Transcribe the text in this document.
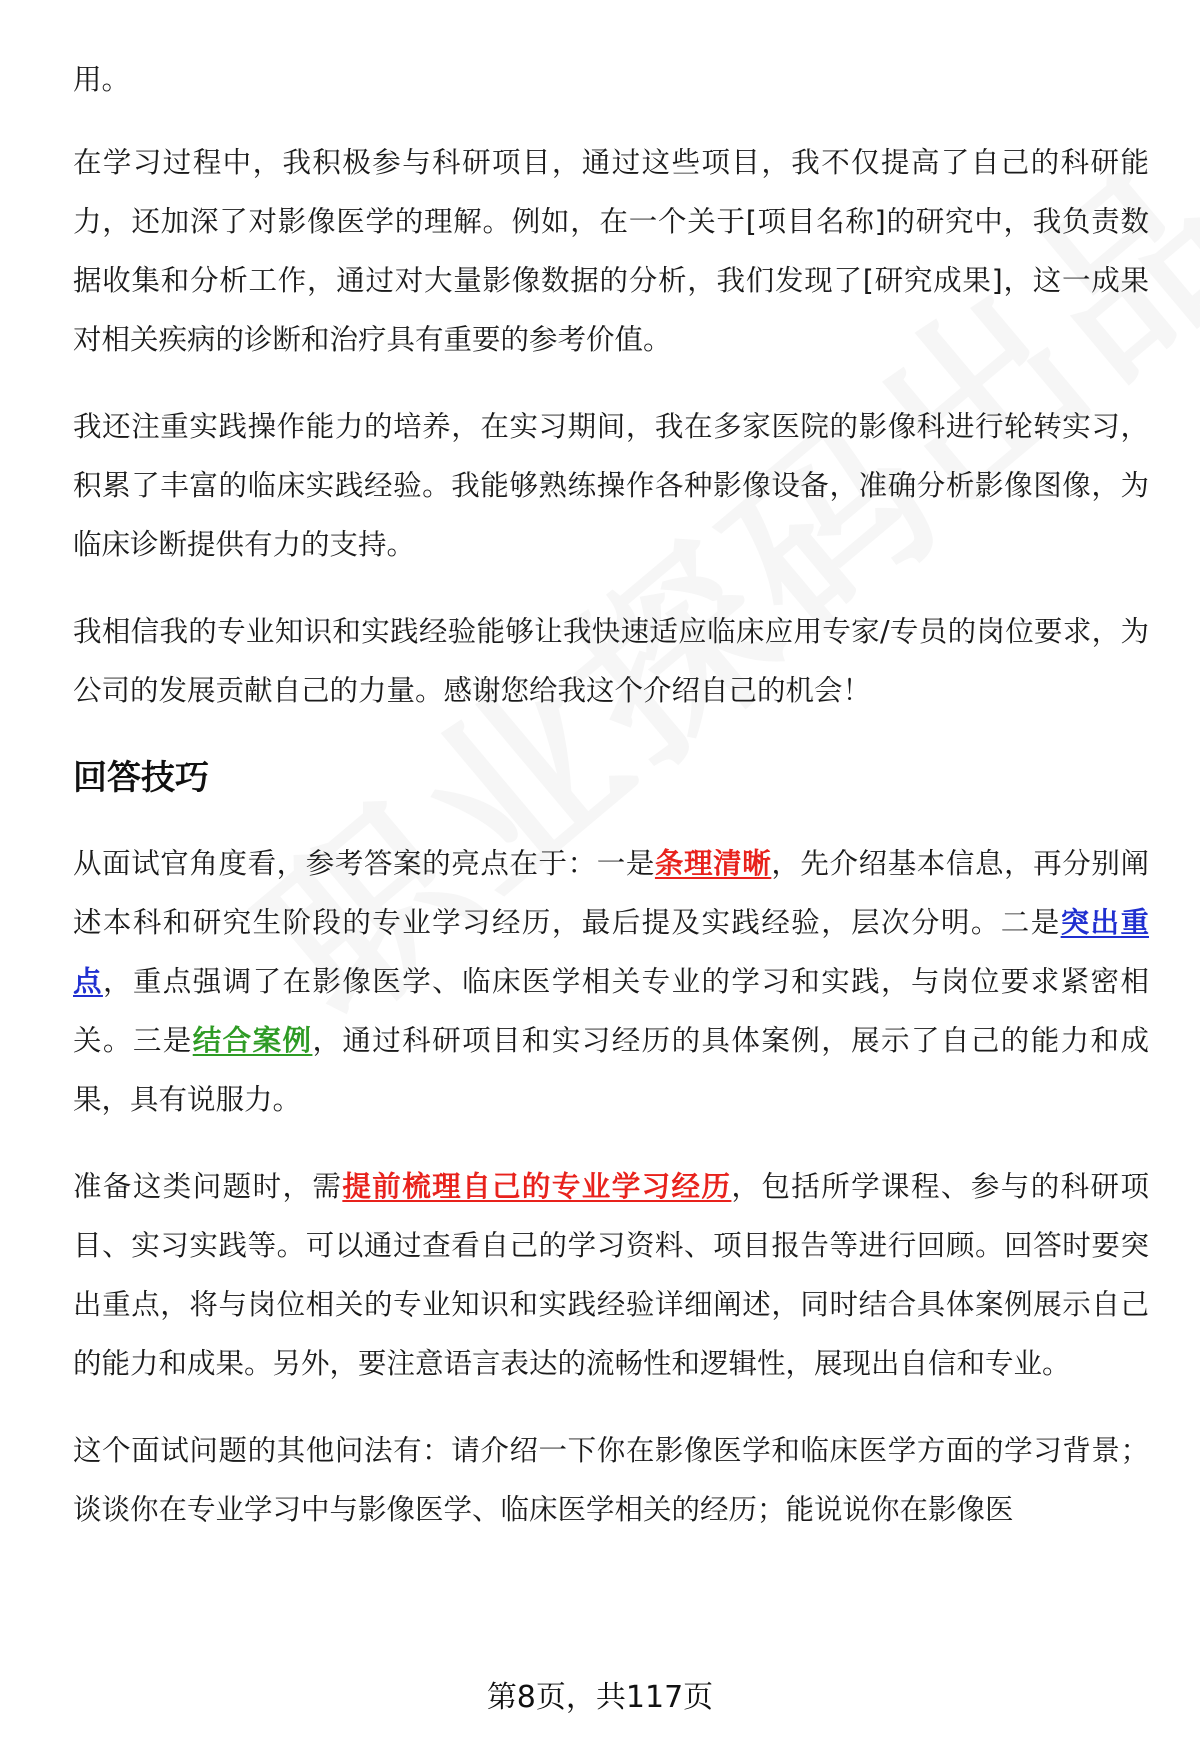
用。

在学习过程中，我积极参与科研项目，通过这些项目，我不仅提高了自己的科研能力，还加深了对影像医学的理解。例如，在一个关于[项目名称]的研究中，我负责数据收集和分析工作，通过对大量影像数据的分析，我们发现了[研究成果]，这一成果对相关疾病的诊断和治疗具有重要的参考价值。

我还注重实践操作能力的培养，在实习期间，我在多家医院的影像科进行轮转实习，积累了丰富的临床实践经验。我能够熟练操作各种影像设备，准确分析影像图像，为临床诊断提供有力的支持。

我相信我的专业知识和实践经验能够让我快速适应临床应用专家/专员的岗位要求，为公司的发展贡献自己的力量。感谢您给我这个介绍自己的机会！

回答技巧

从面试官角度看，参考答案的亮点在于：一是条理清晰，先介绍基本信息，再分别阐述本科和研究生阶段的专业学习经历，最后提及实践经验，层次分明。二是突出重点，重点强调了在影像医学、临床医学相关专业的学习和实践，与岗位要求紧密相关。三是结合案例，通过科研项目和实习经历的具体案例，展示了自己的能力和成果，具有说服力。

准备这类问题时，需提前梳理自己的专业学习经历，包括所学课程、参与的科研项目、实习实践等。可以通过查看自己的学习资料、项目报告等进行回顾。回答时要突出重点，将与岗位相关的专业知识和实践经验详细阐述，同时结合具体案例展示自己的能力和成果。另外，要注意语言表达的流畅性和逻辑性，展现出自信和专业。

这个面试问题的其他问法有：请介绍一下你在影像医学和临床医学方面的学习背景；谈谈你在专业学习中与影像医学、临床医学相关的经历；能说说你在影像医

第8页，共117页
